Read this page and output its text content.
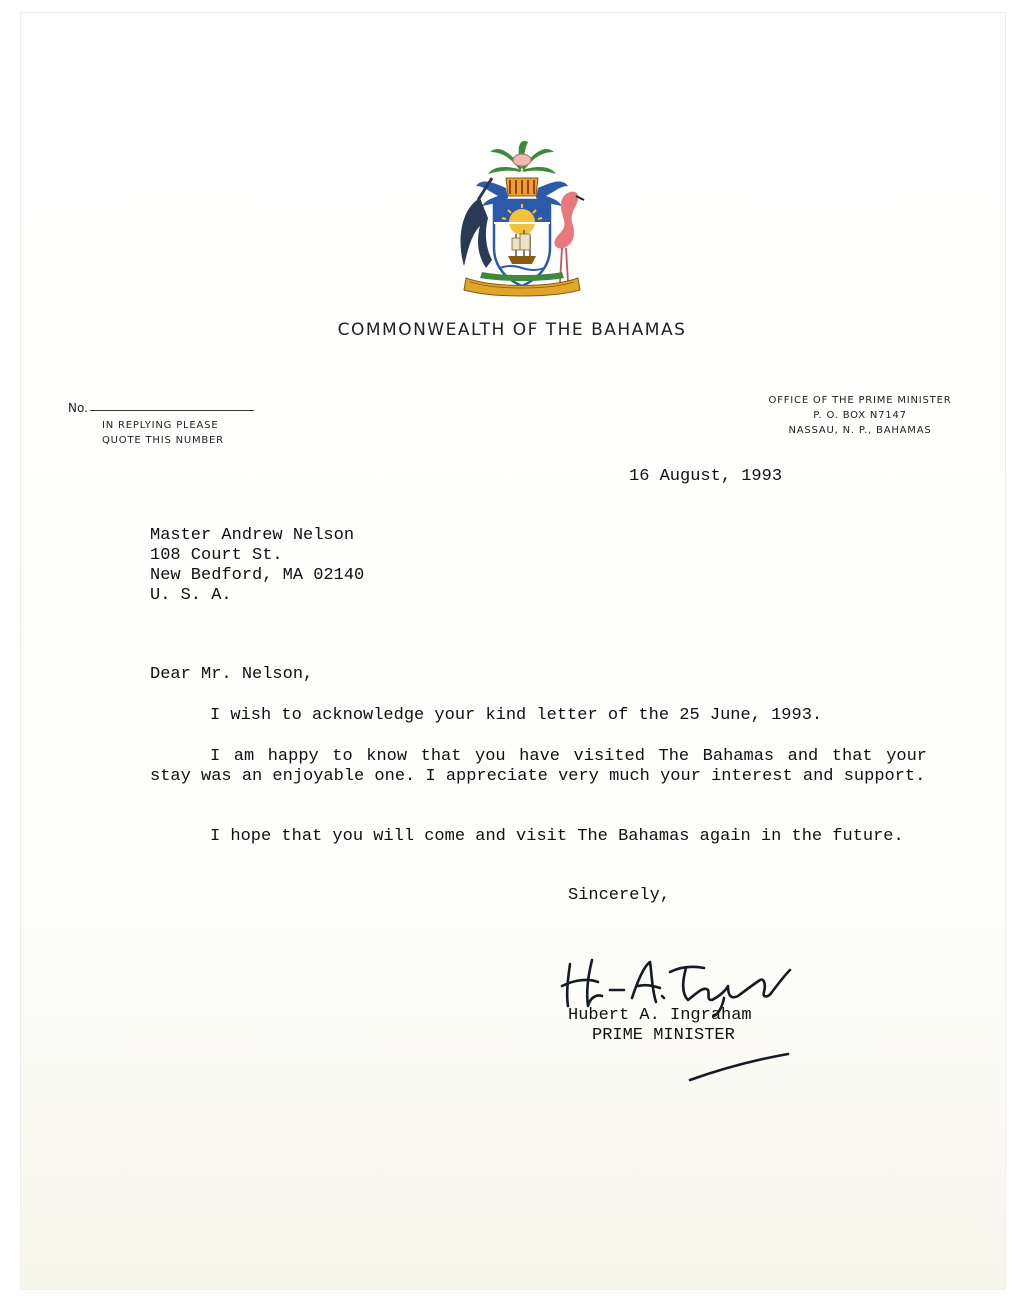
COMMONWEALTH OF THE BAHAMAS
No.
IN REPLYING PLEASE
QUOTE THIS NUMBER
OFFICE OF THE PRIME MINISTER
P. O. BOX N7147
NASSAU, N. P., BAHAMAS
16 August, 1993
Master Andrew Nelson
108 Court St.
New Bedford, MA 02140
U. S. A.
Dear Mr. Nelson,
I wish to acknowledge your kind letter of the 25 June, 1993.
I am happy to know that you have visited The Bahamas and that your stay was an enjoyable one. I appreciate very much your interest and support.
I hope that you will come and visit The Bahamas again in the future.
Sincerely,
Hubert A. Ingraham
PRIME MINISTER
